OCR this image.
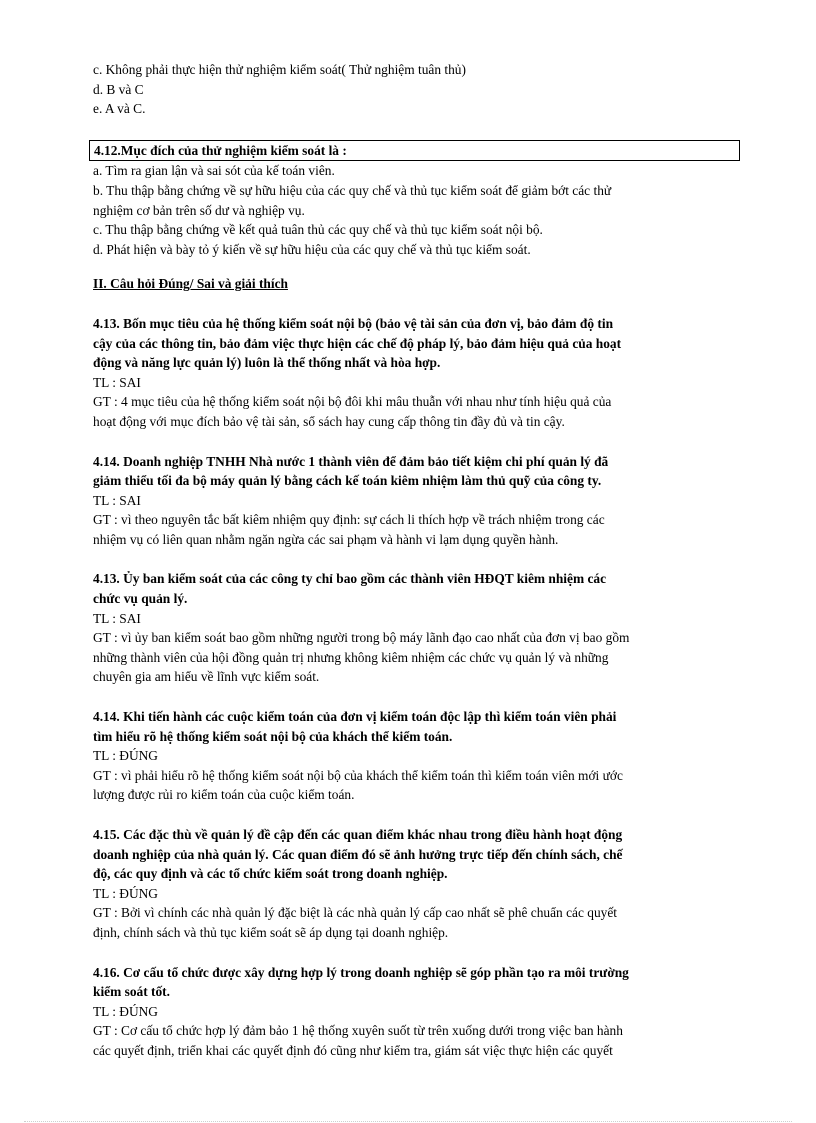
c. Không phải thực hiện thử nghiệm kiểm soát( Thử nghiệm tuân thủ)
d. B và C
e. A và C.
4.12.Mục đích của thử nghiệm kiểm soát là :
a. Tìm ra gian lận và sai sót của kế toán viên.
b. Thu thập bằng chứng về sự hữu hiệu của các quy chế và thủ tục kiểm soát để giảm bớt các thử
nghiệm cơ bản trên số dư và nghiệp vụ.
c. Thu thập bằng chứng về kết quả tuân thủ các quy chế và thủ tục kiểm soát nội bộ.
d. Phát hiện và bày tỏ ý kiến về sự hữu hiệu của các quy chế và thủ tục kiểm soát.
II. Câu hỏi Đúng/ Sai và giải thích
4.13. Bốn mục tiêu của hệ thống kiểm soát nội bộ (bảo vệ tài sản của đơn vị, bảo đảm độ tin
cậy của các thông tin, bảo đảm việc thực hiện các chế độ pháp lý, bảo đảm hiệu quả của hoạt
động và năng lực quản lý) luôn là thể thống nhất và hòa hợp.
TL : SAI
GT : 4 mục tiêu của hệ thống kiểm soát nội bộ đôi khi mâu thuẫn với nhau như tính hiệu quả của
hoạt động với mục đích bảo vệ tài sản, sổ sách hay cung cấp thông tin đầy đủ và tin cậy.
4.14. Doanh nghiệp TNHH Nhà nước 1 thành viên để đảm bảo tiết kiệm chi phí quản lý đã
giảm thiểu tối đa bộ máy quản lý bằng cách kế toán kiêm nhiệm làm thủ quỹ của công ty.
TL : SAI
GT : vì theo nguyên tắc bất kiêm nhiệm quy định: sự cách li thích hợp về trách nhiệm trong các
nhiệm vụ có liên quan nhằm ngăn ngừa các sai phạm và hành vi lạm dụng quyền hành.
4.13. Ủy ban kiểm soát của các công ty chỉ bao gồm các thành viên HĐQT kiêm nhiệm các
chức vụ quản lý.
TL : SAI
GT : vì ủy ban kiểm soát bao gồm những người trong bộ máy lãnh đạo cao nhất của đơn vị bao gồm
những thành viên của hội đồng quản trị nhưng không kiêm nhiệm các chức vụ quản lý và những
chuyên gia am hiểu về lĩnh vực kiểm soát.
4.14. Khi tiến hành các cuộc kiểm toán của đơn vị kiểm toán độc lập thì kiểm toán viên phải
tìm hiểu rõ hệ thống kiểm soát nội bộ của khách thể kiểm toán.
TL : ĐÚNG
GT : vì phải hiểu rõ hệ thống kiểm soát nội bộ của khách thể kiểm toán thì kiểm toán viên mới ước
lượng được rủi ro kiểm toán của cuộc kiểm toán.
4.15. Các đặc thù về quản lý đề cập đến các quan điểm khác nhau trong điều hành hoạt động
doanh nghiệp của nhà quản lý. Các quan điểm đó sẽ ảnh hưởng trực tiếp đến chính sách, chế
độ, các quy định và các tổ chức kiểm soát trong doanh nghiệp.
TL : ĐÚNG
GT : Bởi vì chính các nhà quản lý đặc biệt là các nhà quản lý cấp cao nhất sẽ phê chuẩn các quyết
định, chính sách và thủ tục kiểm soát sẽ áp dụng tại doanh nghiệp.
4.16. Cơ cấu tổ chức được xây dựng hợp lý trong doanh nghiệp sẽ góp phần tạo ra môi trường
kiểm soát tốt.
TL : ĐÚNG
GT : Cơ cấu tổ chức hợp lý đảm bảo 1 hệ thống xuyên suốt từ trên xuống dưới trong việc ban hành
các quyết định, triển khai các quyết định đó cũng như kiểm tra, giám sát việc thực hiện các quyết
